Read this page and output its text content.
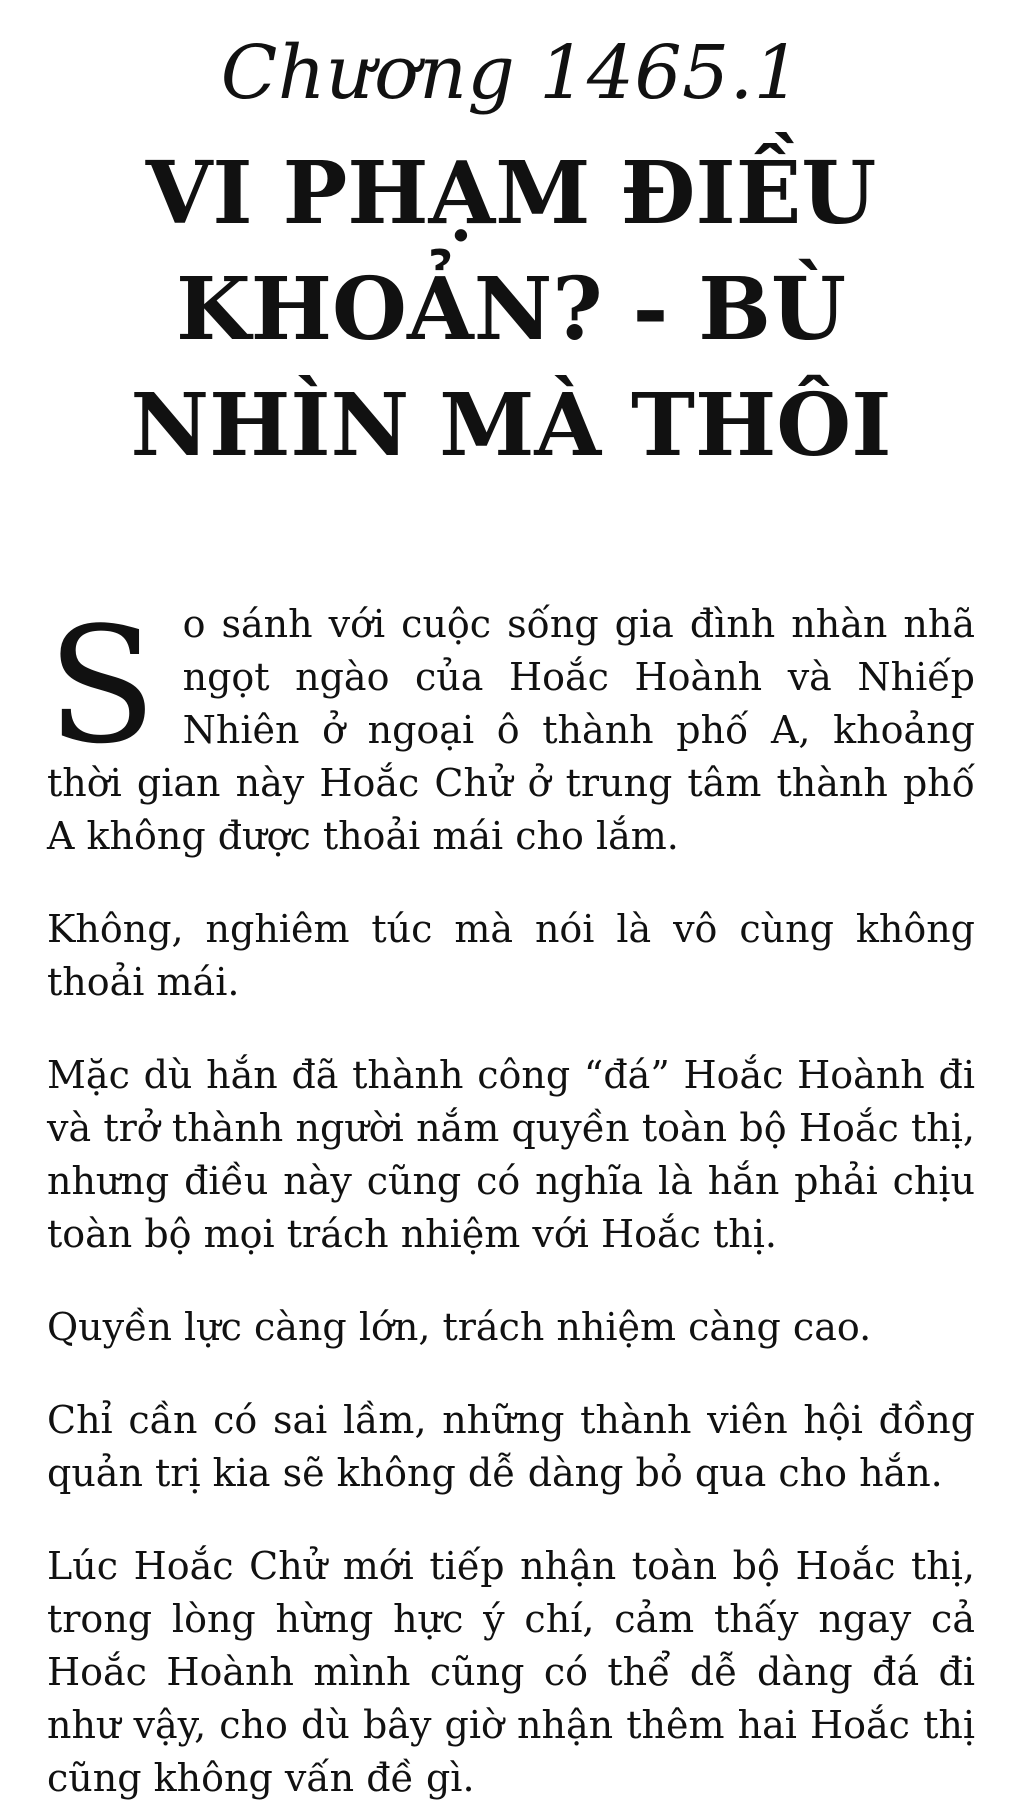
Chương 1465.1
VI PHẠM ĐIỀU KHOẢN? - BÙ NHÌN MÀ THÔI

So sánh với cuộc sống gia đình nhàn nhã ngọt ngào của Hoắc Hoành và Nhiếp Nhiên ở ngoại ô thành phố A, khoảng thời gian này Hoắc Chử ở trung tâm thành phố A không được thoải mái cho lắm.

Không, nghiêm túc mà nói là vô cùng không thoải mái.

Mặc dù hắn đã thành công “đá” Hoắc Hoành đi và trở thành người nắm quyền toàn bộ Hoắc thị, nhưng điều này cũng có nghĩa là hắn phải chịu toàn bộ mọi trách nhiệm với Hoắc thị.

Quyền lực càng lớn, trách nhiệm càng cao.

Chỉ cần có sai lầm, những thành viên hội đồng quản trị kia sẽ không dễ dàng bỏ qua cho hắn.

Lúc Hoắc Chử mới tiếp nhận toàn bộ Hoắc thị, trong lòng hừng hực ý chí, cảm thấy ngay cả Hoắc Hoành mình cũng có thể dễ dàng đá đi như vậy, cho dù bây giờ nhận thêm hai Hoắc thị cũng không vấn đề gì.
